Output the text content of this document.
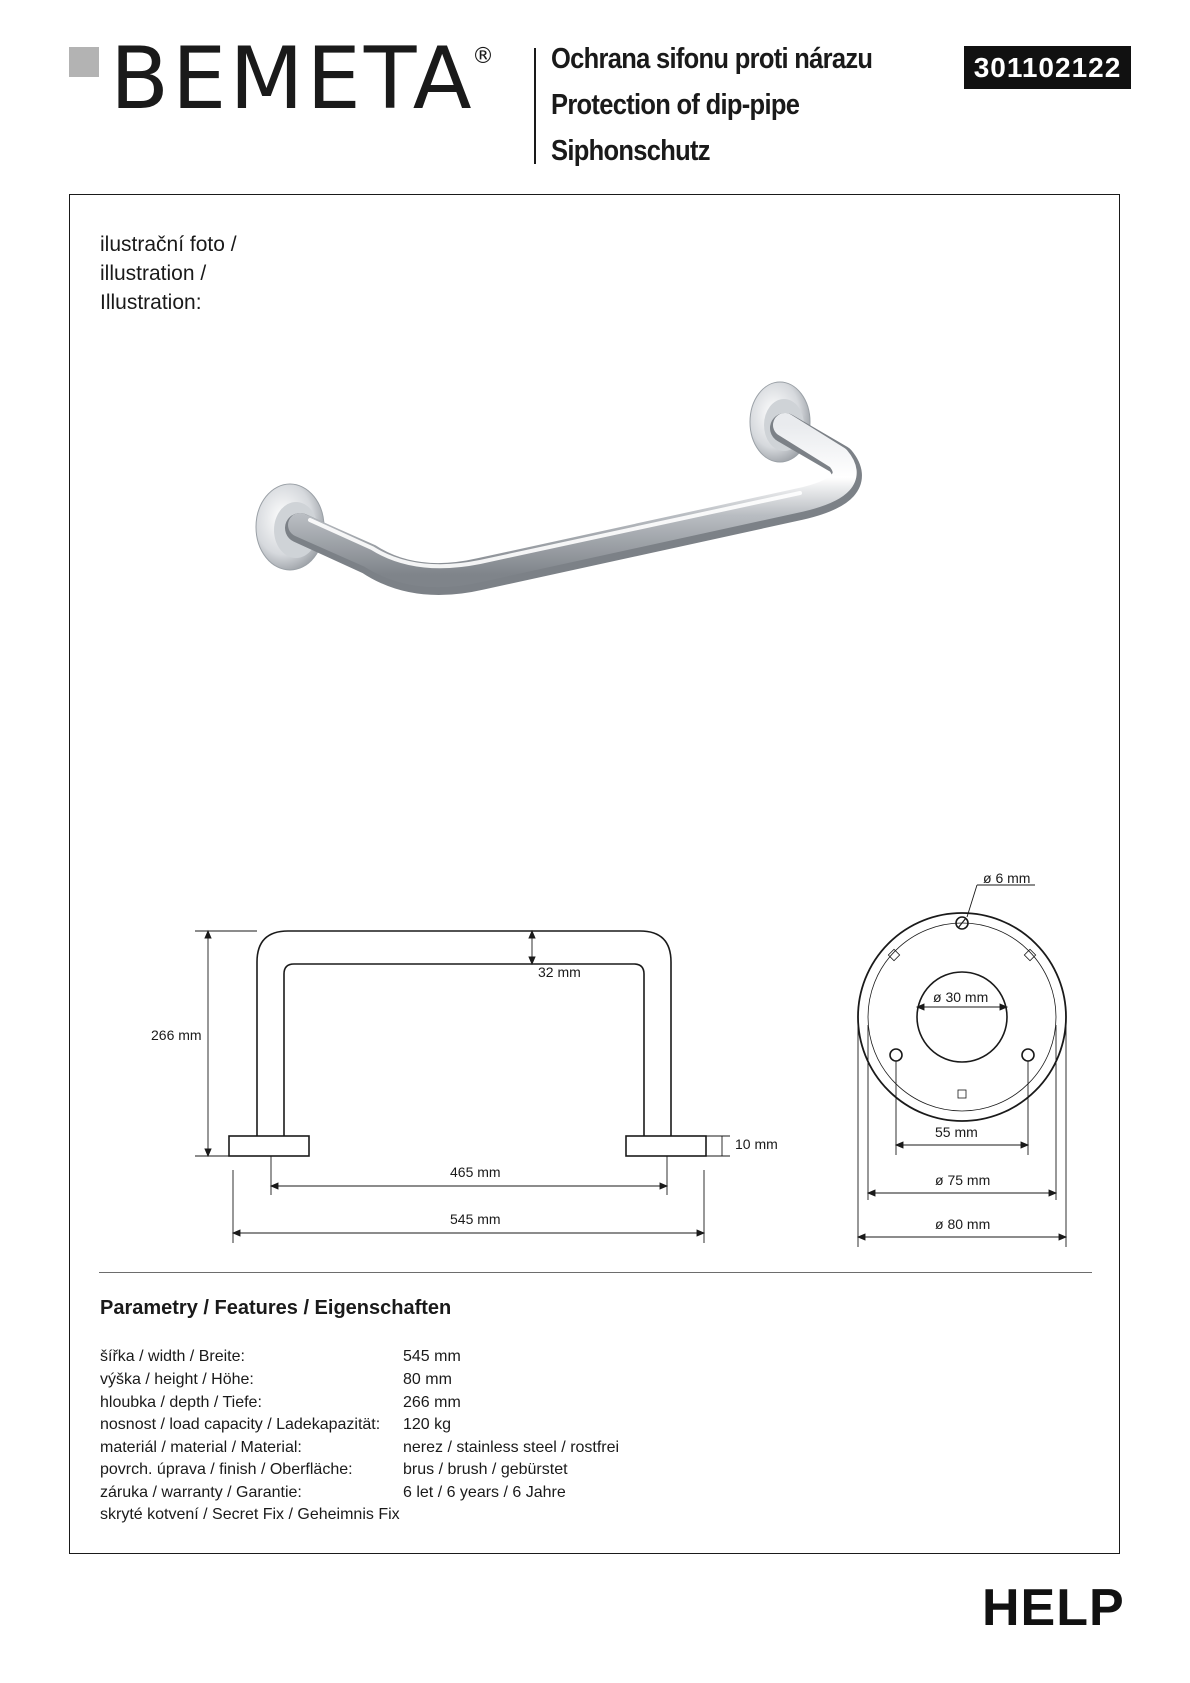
BEMETA
® Ochrana sifonu proti nárazu
Protection of dip-pipe
Siphonschutz
301102122
ilustrační foto /
illustration /
Illustration:
266 mm
32 mm
10 mm
465 mm
545 mm
ø 6 mm
ø 30 mm
55 mm
ø 75 mm
ø 80 mm
Parametry / Features / Eigenschaften
šířka / width / Breite:	545 mm
výška / height / Höhe:	80 mm
hloubka / depth / Tiefe:	266 mm
nosnost / load capacity / Ladekapazität: 120 kg
materiál / material / Material:	nerez / stainless steel / rostfrei
povrch. úprava / finish / Oberfläche:	brus / brush / gebürstet
záruka / warranty / Garantie:	6 let / 6 years / 6 Jahre
skryté kotvení / Secret Fix / Geheimnis Fix
HELP
